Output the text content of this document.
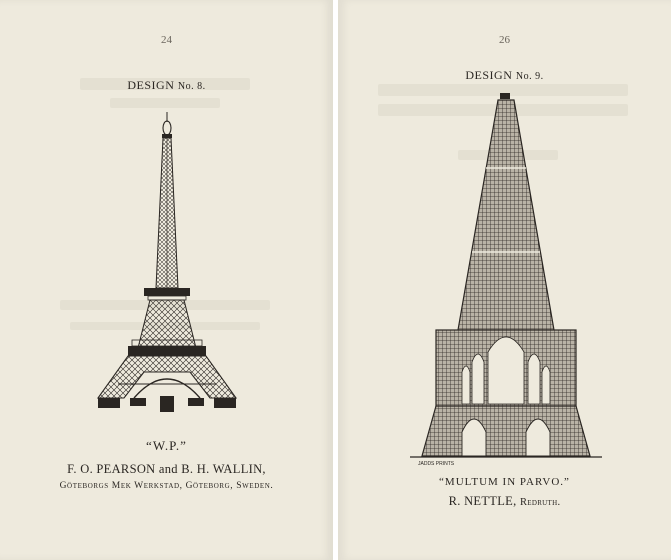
24
DESIGN No. 8.
“W.P.”
F. O. PEARSON and B. H. WALLIN,
Göteborgs Mek Werkstad, Göteborg, Sweden.
26
DESIGN No. 9.
JADDS PRINTS
“MULTUM IN PARVO.”
R. NETTLE, Redruth.
